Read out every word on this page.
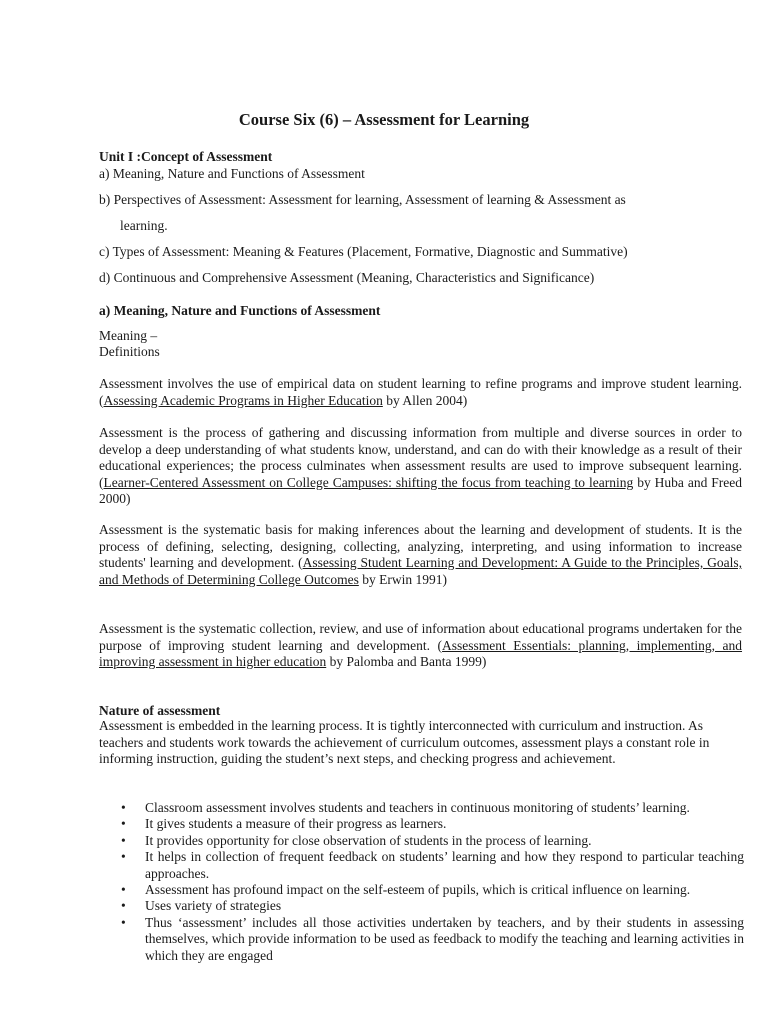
Course Six (6) – Assessment for Learning
Unit I :Concept of Assessment
a) Meaning, Nature and Functions of Assessment
b) Perspectives of Assessment: Assessment for learning, Assessment of learning & Assessment as
learning.
c) Types of Assessment: Meaning & Features (Placement, Formative, Diagnostic and Summative)
d) Continuous and Comprehensive Assessment (Meaning, Characteristics and Significance)
a) Meaning, Nature and Functions of Assessment
Meaning –
Definitions
Assessment involves the use of empirical data on student learning to refine programs and improve student learning. (Assessing Academic Programs in Higher Education by Allen 2004)
Assessment is the process of gathering and discussing information from multiple and diverse sources in order to develop a deep understanding of what students know, understand, and can do with their knowledge as a result of their educational experiences; the process culminates when assessment results are used to improve subsequent learning. (Learner-Centered Assessment on College Campuses: shifting the focus from teaching to learning by Huba and Freed 2000)
Assessment is the systematic basis for making inferences about the learning and development of students. It is the process of defining, selecting, designing, collecting, analyzing, interpreting, and using information to increase students' learning and development. (Assessing Student Learning and Development: A Guide to the Principles, Goals, and Methods of Determining College Outcomes by Erwin 1991)
Assessment is the systematic collection, review, and use of information about educational programs undertaken for the purpose of improving student learning and development. (Assessment Essentials: planning, implementing, and improving assessment in higher education by Palomba and Banta 1999)
Nature of assessment
Assessment is embedded in the learning process. It is tightly interconnected with curriculum and instruction. As teachers and students work towards the achievement of curriculum outcomes, assessment plays a constant role in informing instruction, guiding the student’s next steps, and checking progress and achievement.
• Classroom assessment involves students and teachers in continuous monitoring of students’ learning.
• It gives students a measure of their progress as learners.
• It provides opportunity for close observation of students in the process of learning.
• It helps in collection of frequent feedback on students’ learning and how they respond to particular teaching approaches.
• Assessment has profound impact on the self-esteem of pupils, which is critical influence on learning.
• Uses variety of strategies
• Thus ‘assessment’ includes all those activities undertaken by teachers, and by their students in assessing themselves, which provide information to be used as feedback to modify the teaching and learning activities in which they are engaged
